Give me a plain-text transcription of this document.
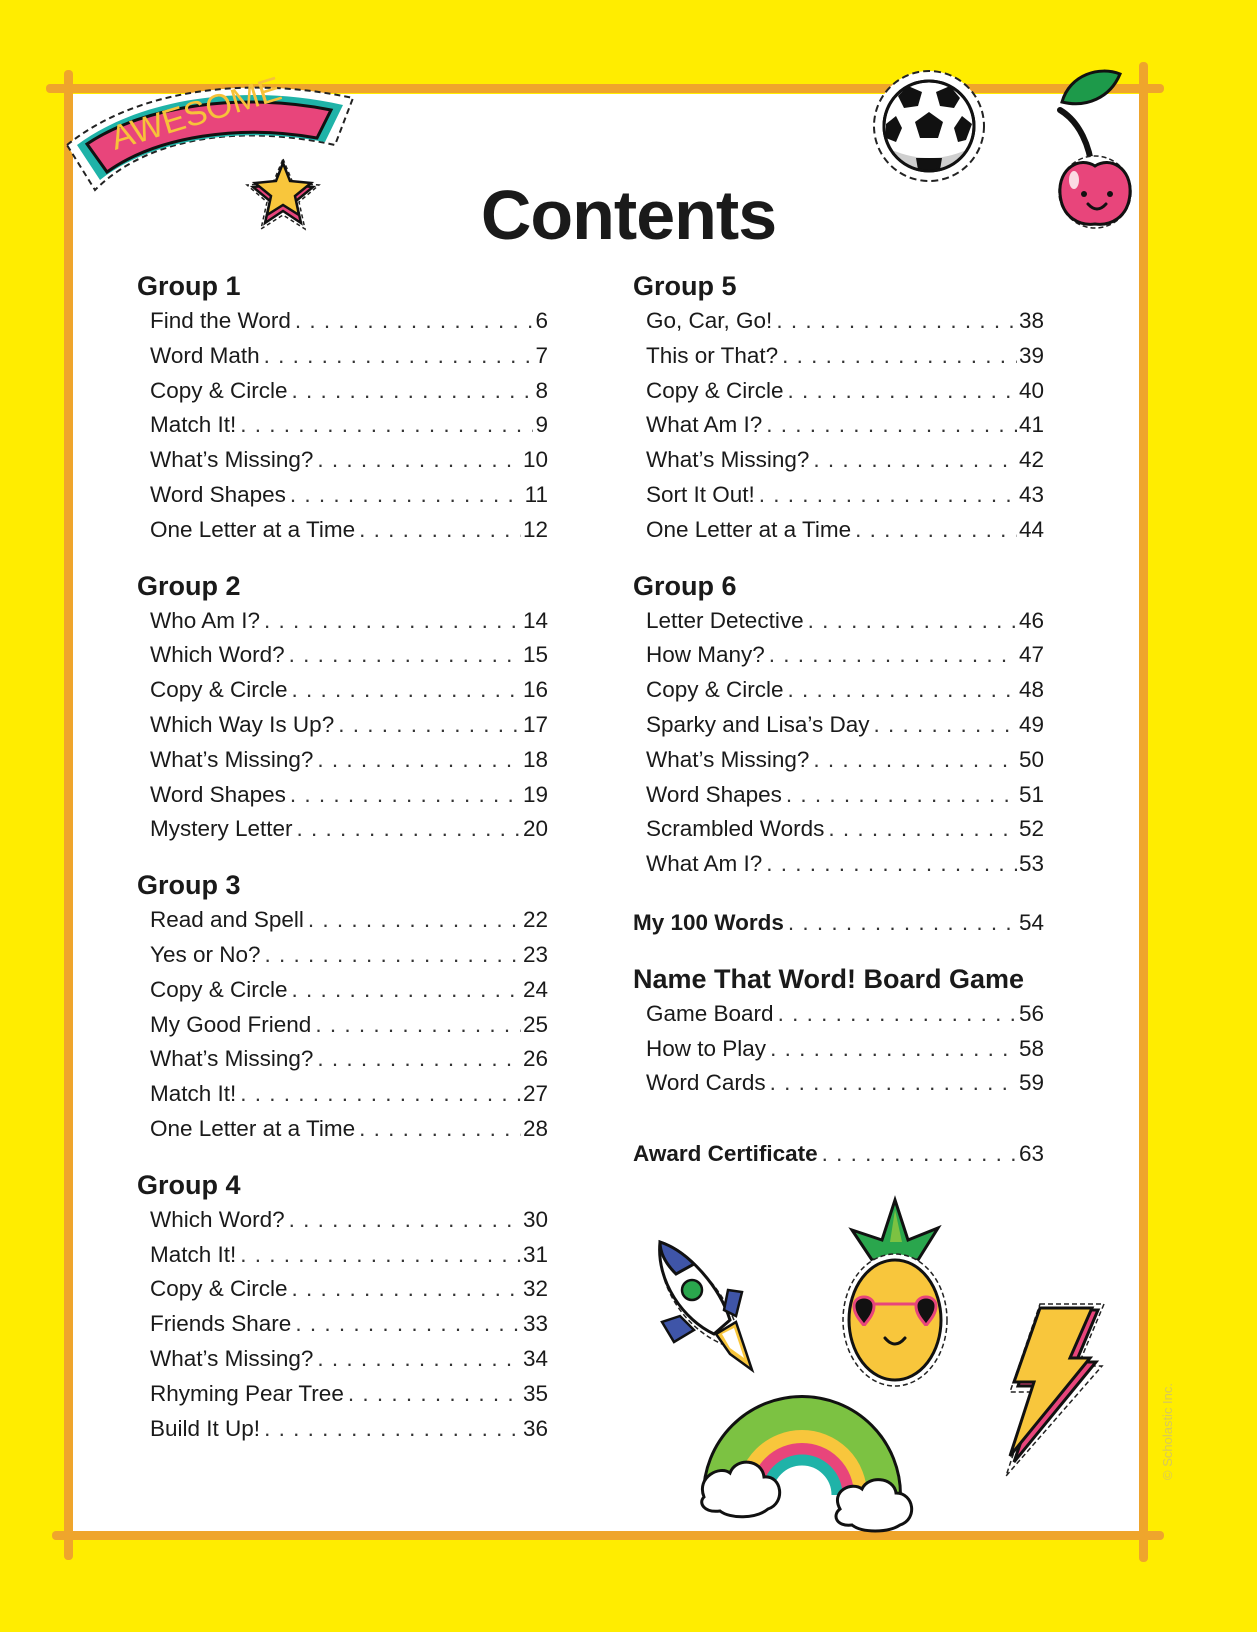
Contents
AWESOME
Group 1
Find the Word . . .	6
Word Math . . .	7
Copy & Circle . . .	8
Match It! . . .	9
What’s Missing? . . .	10
Word Shapes . . .	11
One Letter at a Time . . .	12
Group 2
Who Am I? . . .	14
Which Word? . . .	15
Copy & Circle . . .	16
Which Way Is Up? . . .	17
What’s Missing? . . .	18
Word Shapes . . .	19
Mystery Letter . . .	20
Group 3
Read and Spell . . .	22
Yes or No? . . .	23
Copy & Circle . . .	24
My Good Friend . . .	25
What’s Missing? . . .	26
Match It! . . .	27
One Letter at a Time . . .	28
Group 4
Which Word? . . .	30
Match It! . . .	31
Copy & Circle . . .	32
Friends Share . . .	33
What’s Missing? . . .	34
Rhyming Pear Tree . . .	35
Build It Up! . . .	36
Group 5
Go, Car, Go! . . .	38
This or That? . . .	39
Copy & Circle . . .	40
What Am I? . . .	41
What’s Missing? . . .	42
Sort It Out! . . .	43
One Letter at a Time . . .	44
Group 6
Letter Detective . . .	46
How Many? . . .	47
Copy & Circle . . .	48
Sparky and Lisa’s Day . . .	49
What’s Missing? . . .	50
Word Shapes . . .	51
Scrambled Words . . .	52
What Am I? . . .	53
My 100 Words . . .	54
Name That Word! Board Game
Game Board . . .	56
How to Play . . .	58
Word Cards . . .	59
Award Certificate . . .	63
© Scholastic Inc.
